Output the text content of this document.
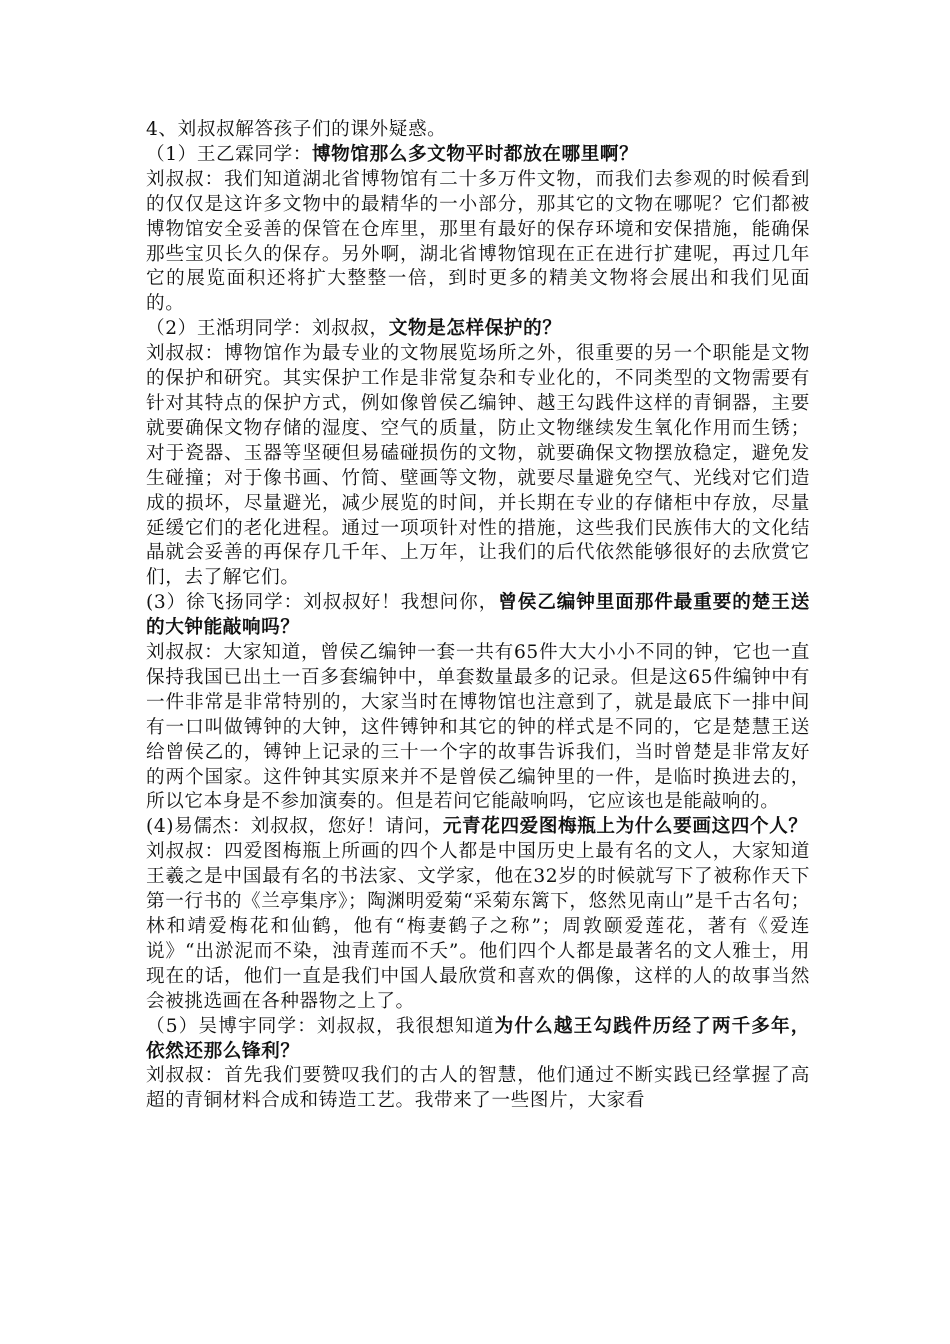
4、刘叔叔解答孩子们的课外疑惑。

（1）王乙霖同学：博物馆那么多文物平时都放在哪里啊？

刘叔叔：我们知道湖北省博物馆有二十多万件文物，而我们去参观的时候看到的仅仅是这许多文物中的最精华的一小部分，那其它的文物在哪呢？它们都被博物馆安全妥善的保管在仓库里，那里有最好的保存环境和安保措施，能确保那些宝贝长久的保存。另外啊，湖北省博物馆现在正在进行扩建呢，再过几年它的展览面积还将扩大整整一倍，到时更多的精美文物将会展出和我们见面的。

（2）王湉玥同学：刘叔叔，文物是怎样保护的？

刘叔叔：博物馆作为最专业的文物展览场所之外，很重要的另一个职能是文物的保护和研究。其实保护工作是非常复杂和专业化的，不同类型的文物需要有针对其特点的保护方式，例如像曾侯乙编钟、越王勾践件这样的青铜器，主要就要确保文物存储的湿度、空气的质量，防止文物继续发生氧化作用而生锈；对于瓷器、玉器等坚硬但易磕碰损伤的文物，就要确保文物摆放稳定，避免发生碰撞；对于像书画、竹简、壁画等文物，就要尽量避免空气、光线对它们造成的损坏，尽量避光，减少展览的时间，并长期在专业的存储柜中存放，尽量延缓它们的老化进程。通过一项项针对性的措施，这些我们民族伟大的文化结晶就会妥善的再保存几千年、上万年，让我们的后代依然能够很好的去欣赏它们，去了解它们。

(3）徐飞扬同学：刘叔叔好！我想问你，曾侯乙编钟里面那件最重要的楚王送的大钟能敲响吗？

刘叔叔：大家知道，曾侯乙编钟一套一共有65件大大小小不同的钟，它也一直保持我国已出土一百多套编钟中，单套数量最多的记录。但是这65件编钟中有一件非常是非常特别的，大家当时在博物馆也注意到了，就是最底下一排中间有一口叫做镈钟的大钟，这件镈钟和其它的钟的样式是不同的，它是楚慧王送给曾侯乙的，镈钟上记录的三十一个字的故事告诉我们，当时曾楚是非常友好的两个国家。这件钟其实原来并不是曾侯乙编钟里的一件，是临时换进去的，所以它本身是不参加演奏的。但是若问它能敲响吗，它应该也是能敲响的。

(4)易儒杰：刘叔叔，您好！请问，元青花四爱图梅瓶上为什么要画这四个人？

刘叔叔：四爱图梅瓶上所画的四个人都是中国历史上最有名的文人，大家知道王羲之是中国最有名的书法家、文学家，他在32岁的时候就写下了被称作天下第一行书的《兰亭集序》；陶渊明爱菊“采菊东篱下，悠然见南山”是千古名句；林和靖爱梅花和仙鹤，他有“梅妻鹤子之称”；周敦颐爱莲花，著有《爱连说》“出淤泥而不染，浊青莲而不夭”。他们四个人都是最著名的文人雅士，用现在的话，他们一直是我们中国人最欣赏和喜欢的偶像，这样的人的故事当然会被挑选画在各种器物之上了。

（5）吴博宇同学：刘叔叔，我很想知道为什么越王勾践件历经了两千多年，依然还那么锋利？

刘叔叔：首先我们要赞叹我们的古人的智慧，他们通过不断实践已经掌握了高超的青铜材料合成和铸造工艺。我带来了一些图片，大家看
